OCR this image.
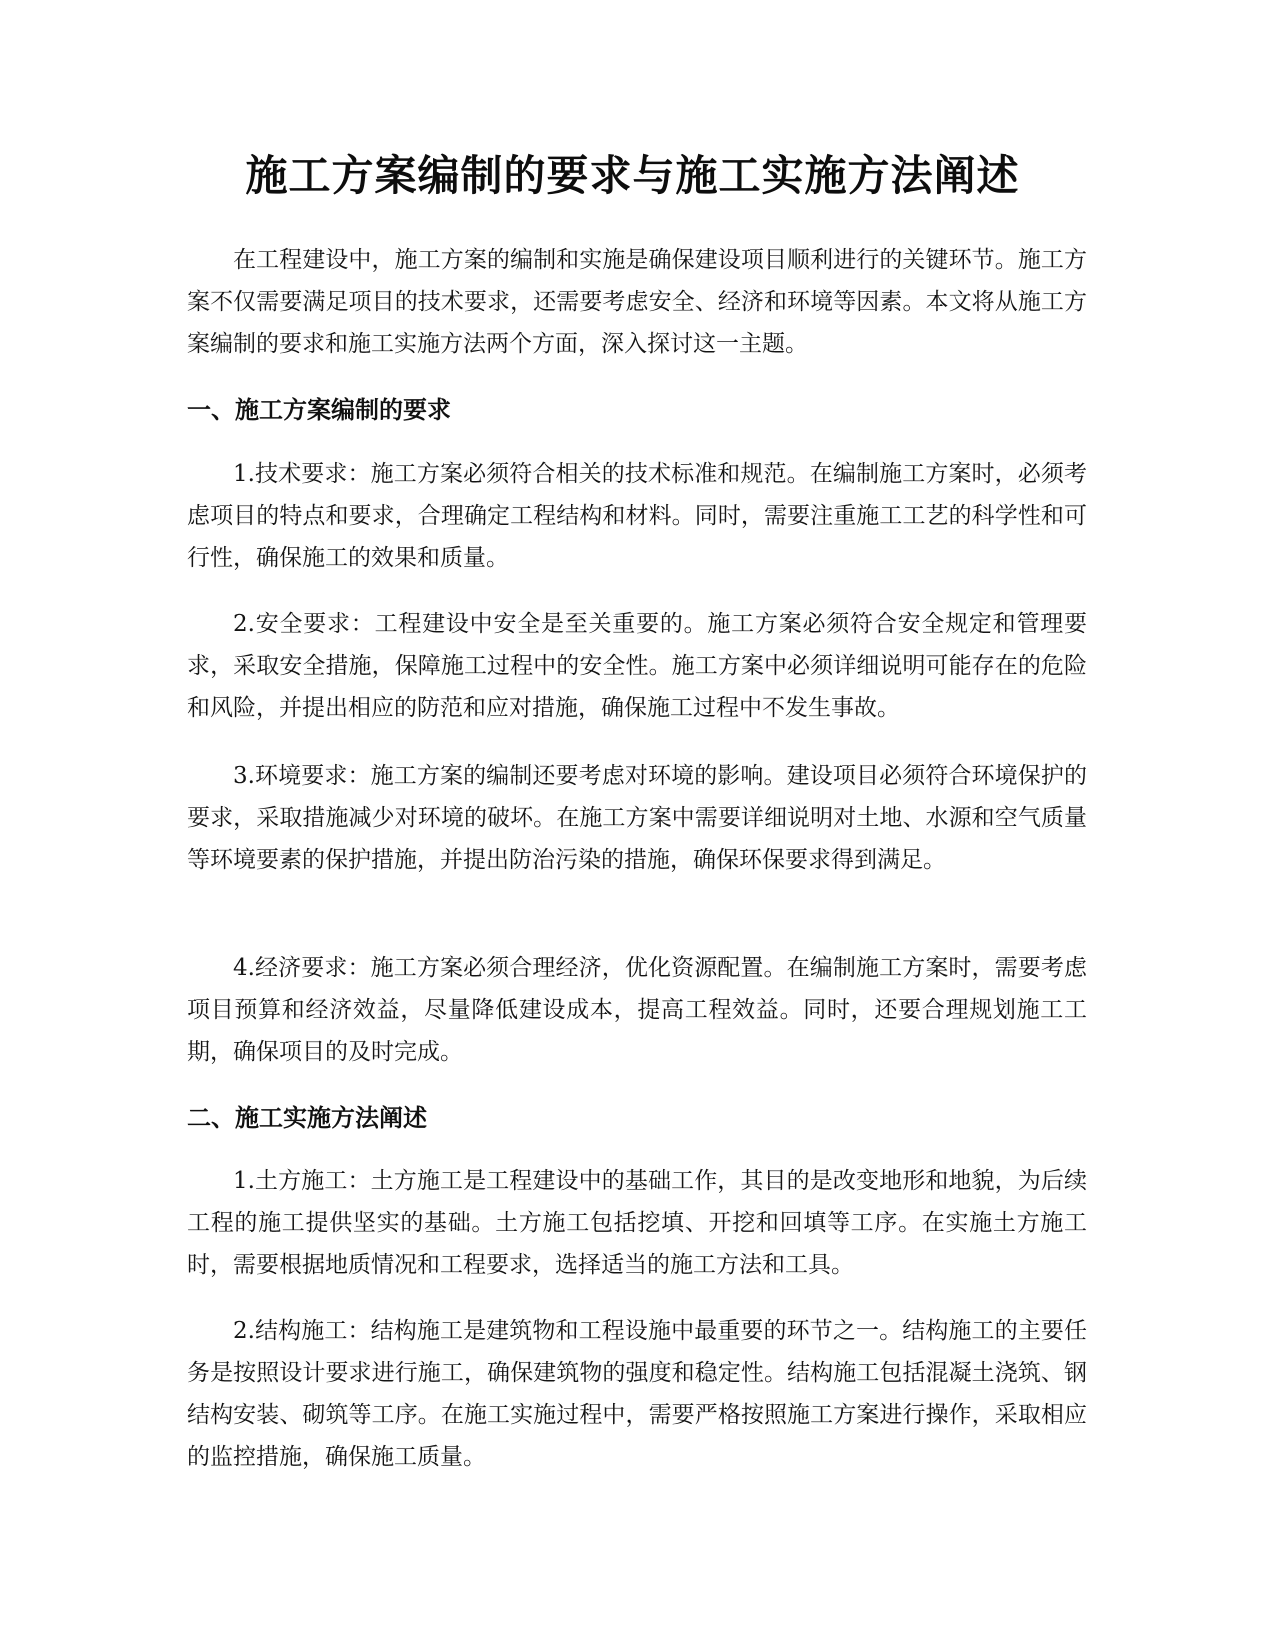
施工方案编制的要求与施工实施方法阐述

在工程建设中，施工方案的编制和实施是确保建设项目顺利进行的关键环节。施工方案不仅需要满足项目的技术要求，还需要考虑安全、经济和环境等因素。本文将从施工方案编制的要求和施工实施方法两个方面，深入探讨这一主题。

一、施工方案编制的要求

1.技术要求：施工方案必须符合相关的技术标准和规范。在编制施工方案时，必须考虑项目的特点和要求，合理确定工程结构和材料。同时，需要注重施工工艺的科学性和可行性，确保施工的效果和质量。

2.安全要求：工程建设中安全是至关重要的。施工方案必须符合安全规定和管理要求，采取安全措施，保障施工过程中的安全性。施工方案中必须详细说明可能存在的危险和风险，并提出相应的防范和应对措施，确保施工过程中不发生事故。

3.环境要求：施工方案的编制还要考虑对环境的影响。建设项目必须符合环境保护的要求，采取措施减少对环境的破坏。在施工方案中需要详细说明对土地、水源和空气质量等环境要素的保护措施，并提出防治污染的措施，确保环保要求得到满足。

4.经济要求：施工方案必须合理经济，优化资源配置。在编制施工方案时，需要考虑项目预算和经济效益，尽量降低建设成本，提高工程效益。同时，还要合理规划施工工期，确保项目的及时完成。

二、施工实施方法阐述

1.土方施工：土方施工是工程建设中的基础工作，其目的是改变地形和地貌，为后续工程的施工提供坚实的基础。土方施工包括挖填、开挖和回填等工序。在实施土方施工时，需要根据地质情况和工程要求，选择适当的施工方法和工具。

2.结构施工：结构施工是建筑物和工程设施中最重要的环节之一。结构施工的主要任务是按照设计要求进行施工，确保建筑物的强度和稳定性。结构施工包括混凝土浇筑、钢结构安装、砌筑等工序。在施工实施过程中，需要严格按照施工方案进行操作，采取相应的监控措施，确保施工质量。
